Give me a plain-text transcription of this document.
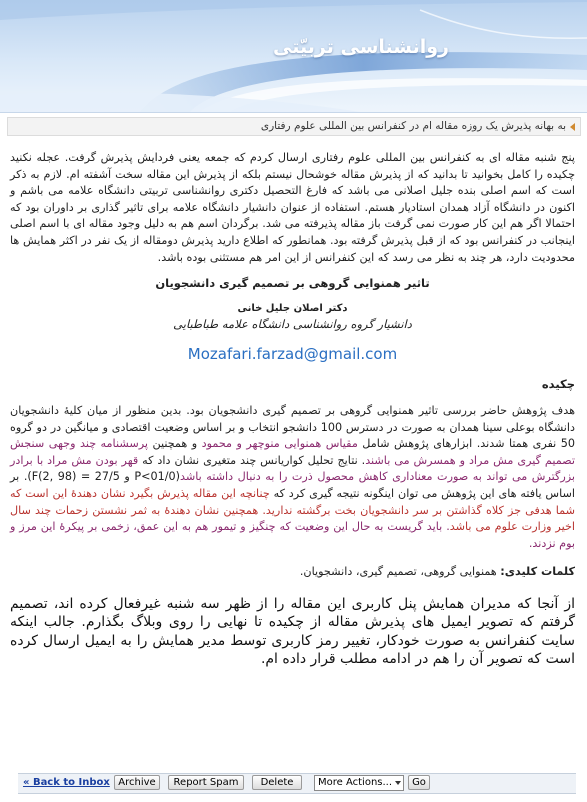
روانشناسی تربیّتی
به بهانه پذیرش یک روزه مقاله ام در کنفرانس بین المللی علوم رفتاری

پنج شنبه مقاله ای به کنفرانس بین المللی علوم رفتاری ارسال کردم که جمعه یعنی فردایش پذیرش گرفت. عجله نکنید چکیده را کامل بخوانید تا بدانید که از پذیرش مقاله خوشحال نیستم بلکه از پذیرش این مقاله سخت آشفته ام. لازم به ذکر است که اسم اصلی بنده جلیل اصلانی می باشد که فارغ التحصیل دکتری روانشناسی تربیتی دانشگاه علامه می باشم و اکنون در دانشگاه آزاد همدان استادیار هستم. استفاده از عنوان دانشیار دانشگاه علامه برای تاثیر گذاری بر داوران بود که احتمالا اگر هم این کار صورت نمی گرفت باز مقاله پذیرفته می شد. برگردان اسم هم به دلیل وجود مقاله ای با اسم اصلی اینجانب در کنفرانس بود که از قبل پذیرش گرفته بود. همانطور که اطلاع دارید پذیرش دومقاله از یک نفر در اکثر همایش ها محدودیت دارد، هر چند به نظر می رسد که این کنفرانس از این امر هم مستثنی بوده باشد.

تاثیر همنوایی گروهی بر تصمیم گیری دانشجویان

دکتر اصلان جلیل خانی

دانشیار گروه روانشناسی دانشگاه علامه طباطبایی

Mozafari.farzad@gmail.com

چکیده

هدف پژوهش حاضر بررسی تاثیر همنوایی گروهی بر تصمیم گیری دانشجویان بود. بدین منظور از میان کلیۀ دانشجویان دانشگاه بوعلی سینا همدان به صورت در دسترس 100 دانشجو انتخاب و بر اساس وضعیت اقتصادی و میانگین در دو گروه 50 نفری همتا شدند. ابزارهای پژوهش شامل مقیاس همنوایی منوچهر و محمود و همچنین پرسشنامه چند وجهی سنجش تصمیم گیری مش مراد و همسرش می باشند. نتایج تحلیل کواریانس چند متغیری نشان داد که قهر بودن مش مراد با برادر بزرگترش می تواند به صورت معناداری کاهش محصول ذرت را به دنبال داشته باشد(P<01/0 و F(2, 98) = 27/5). بر اساس یافته های این پژوهش می توان اینگونه نتیجه گیری کرد که چنانچه این مقاله پذیرش بگیرد نشان دهندۀ این است که شما هدفی جز کلاه گذاشتن بر سر دانشجویان بخت برگشته ندارید. همچنین نشان دهندۀ به ثمر نشستن زحمات چند سال اخیر وزارت علوم می باشد. باید گریست به حال این وضعیت که چنگیز و تیمور هم به این عمق، زخمی بر پیکرۀ این مرز و بوم نزدند.

کلمات کلیدی: همنوایی گروهی، تصمیم گیری، دانشجویان.

از آنجا که مدیران همایش پنل کاربری این مقاله را از ظهر سه شنبه غیرفعال کرده اند، تصمیم گرفتم که تصویر ایمیل های پذیرش مقاله از چکیده تا نهایی را روی وبلاگ بگذارم. جالب اینکه سایت کنفرانس به صورت خودکار، تغییر رمز کاربری توسط مدیر همایش را به ایمیل ارسال کرده است که تصویر آن را هم در ادامه مطلب قرار داده ام.

« Back to Inbox Archive	Report Spam	Delete	More Actions...	Go
